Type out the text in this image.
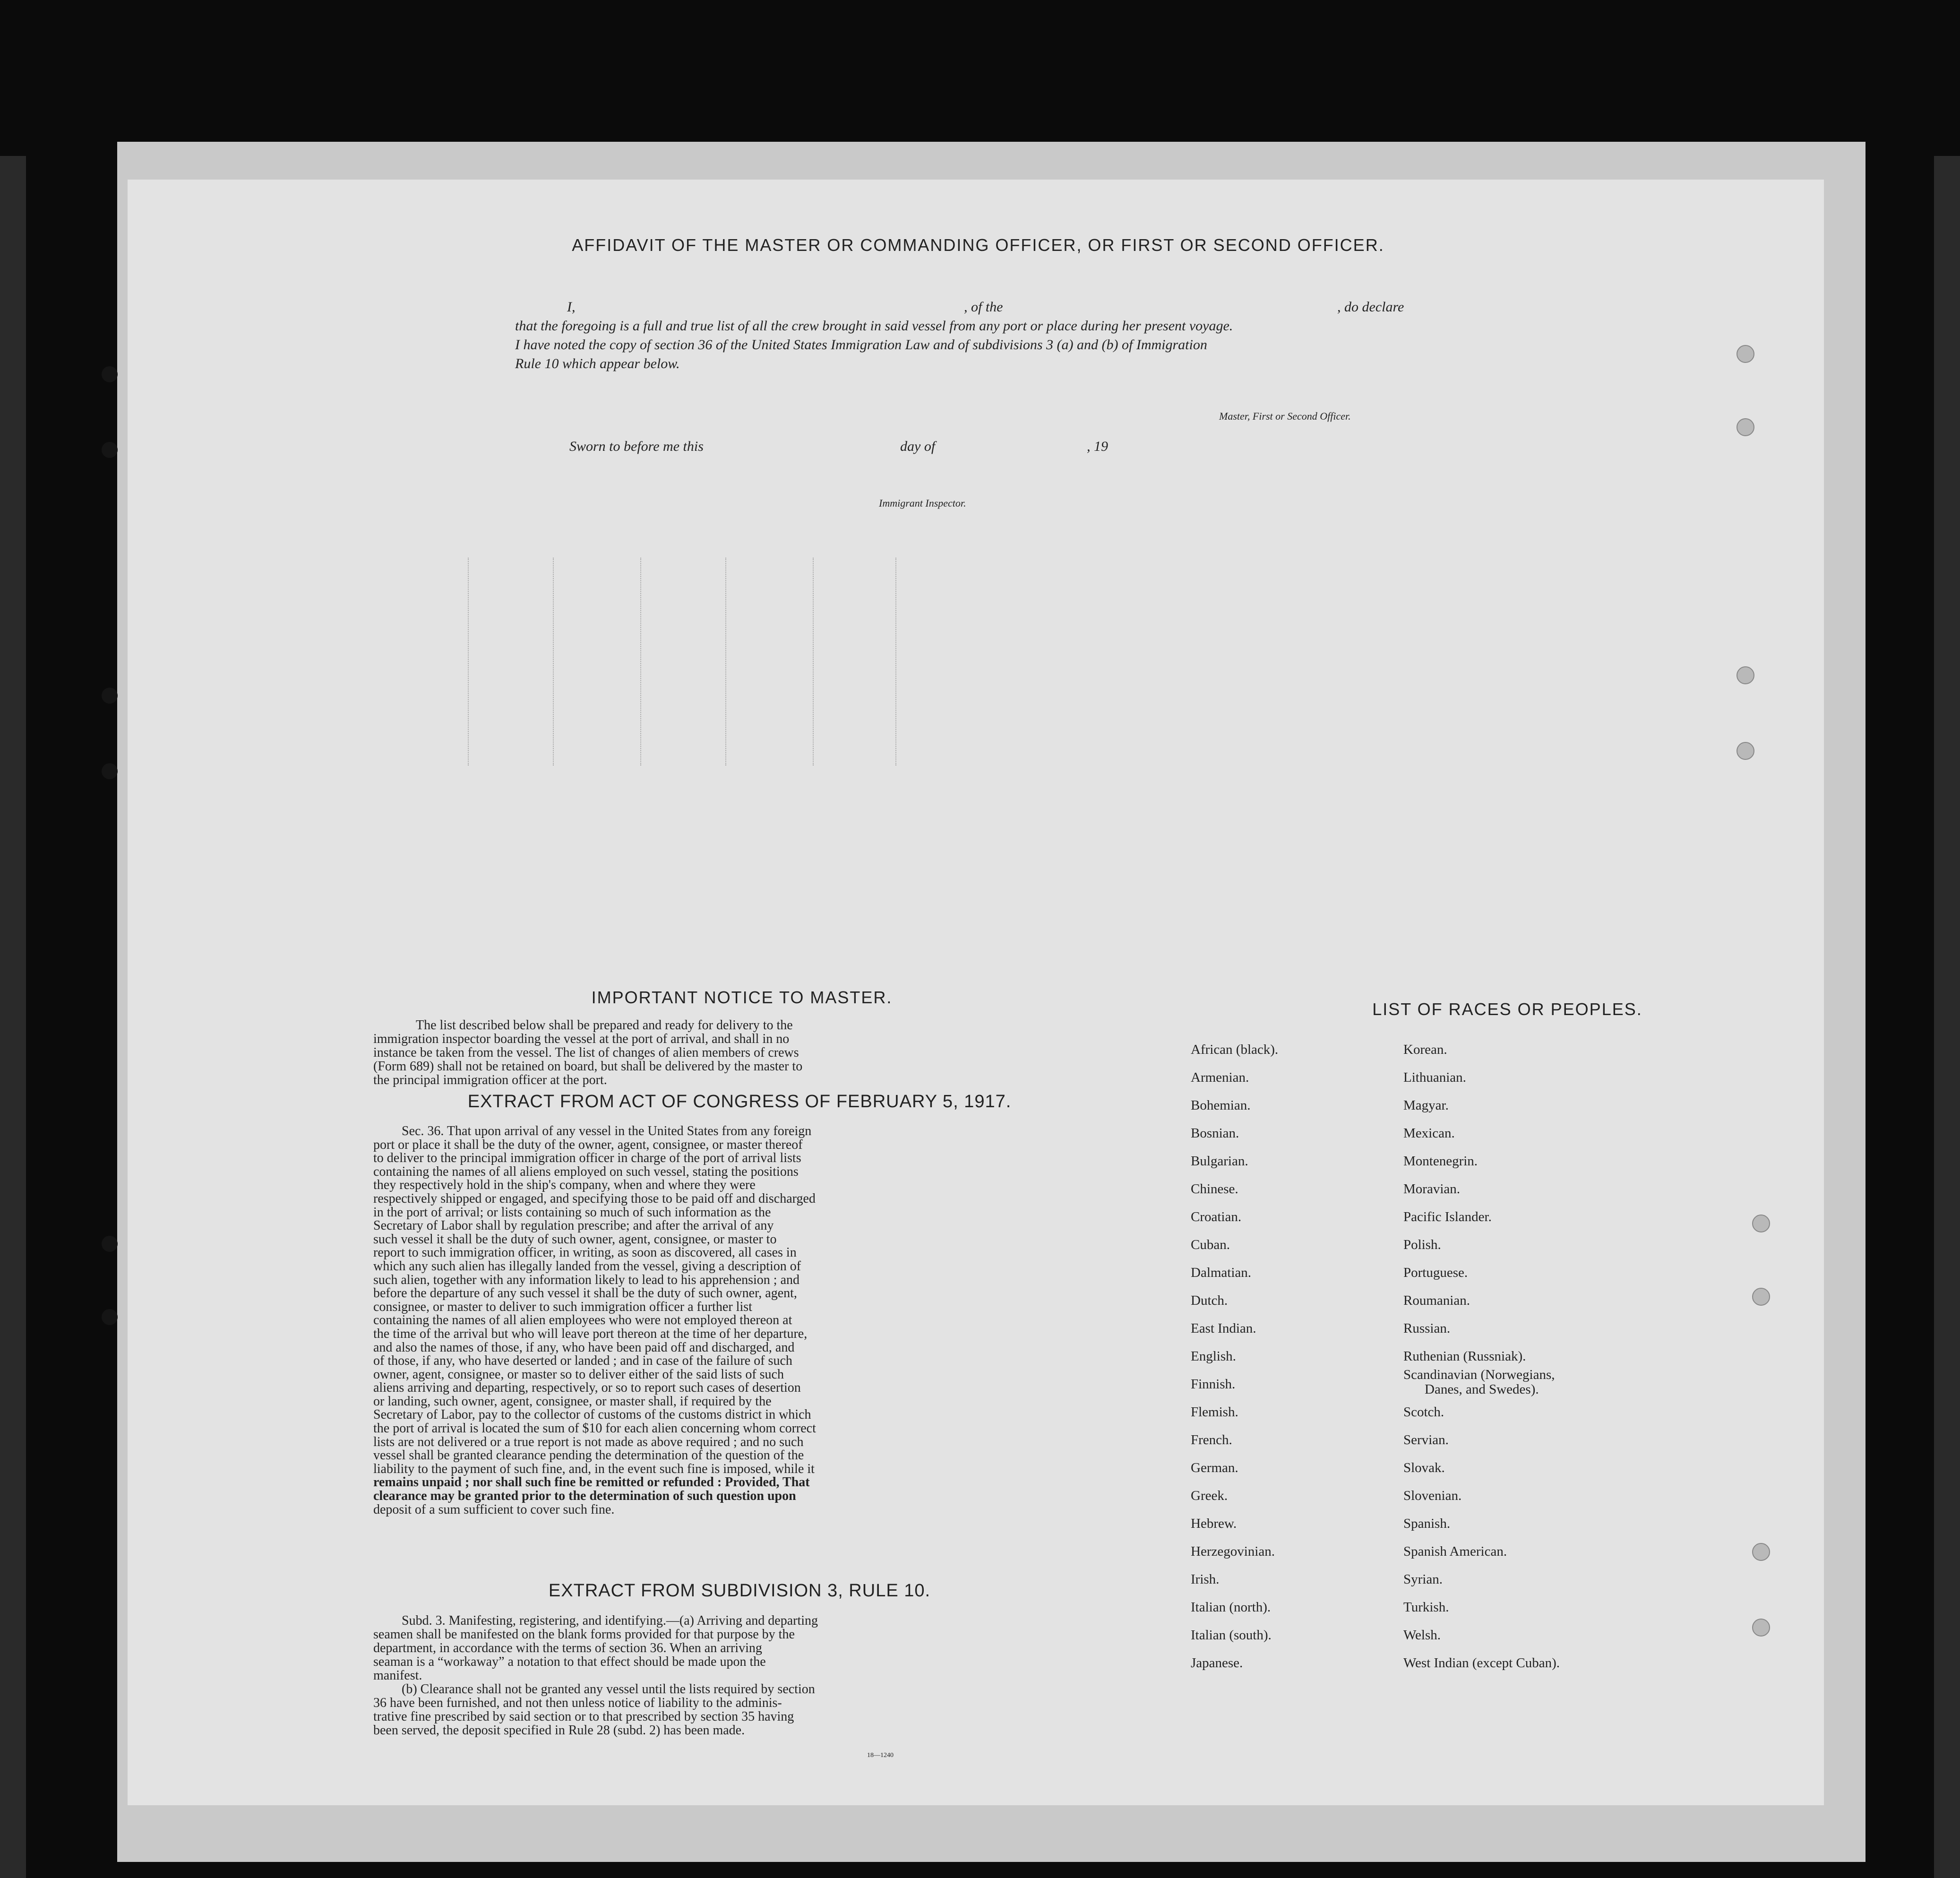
AFFIDAVIT OF THE MASTER OR COMMANDING OFFICER, OR FIRST OR SECOND OFFICER.
I,	, of the	, do declare
that the foregoing is a full and true list of all the crew brought in said vessel from any port or place during her present voyage.
I have noted the copy of section 36 of the United States Immigration Law and of subdivisions 3 (a) and (b) of Immigration
Rule 10 which appear below.
Master, First or Second Officer.
Sworn to before me this	day of	, 19
Immigrant Inspector.
IMPORTANT NOTICE TO MASTER.
The list described below shall be prepared and ready for delivery to the
immigration inspector boarding the vessel at the port of arrival, and shall in no
instance be taken from the vessel. The list of changes of alien members of crews
(Form 689) shall not be retained on board, but shall be delivered by the master to
the principal immigration officer at the port.
EXTRACT FROM ACT OF CONGRESS OF FEBRUARY 5, 1917.
Sec. 36. That upon arrival of any vessel in the United States from any foreign
port or place it shall be the duty of the owner, agent, consignee, or master thereof
to deliver to the principal immigration officer in charge of the port of arrival lists
containing the names of all aliens employed on such vessel, stating the positions
they respectively hold in the ship's company, when and where they were
respectively shipped or engaged, and specifying those to be paid off and discharged
in the port of arrival; or lists containing so much of such information as the
Secretary of Labor shall by regulation prescribe; and after the arrival of any
such vessel it shall be the duty of such owner, agent, consignee, or master to
report to such immigration officer, in writing, as soon as discovered, all cases in
which any such alien has illegally landed from the vessel, giving a description of
such alien, together with any information likely to lead to his apprehension ; and
before the departure of any such vessel it shall be the duty of such owner, agent,
consignee, or master to deliver to such immigration officer a further list
containing the names of all alien employees who were not employed thereon at
the time of the arrival but who will leave port thereon at the time of her departure,
and also the names of those, if any, who have been paid off and discharged, and
of those, if any, who have deserted or landed ; and in case of the failure of such
owner, agent, consignee, or master so to deliver either of the said lists of such
aliens arriving and departing, respectively, or so to report such cases of desertion
or landing, such owner, agent, consignee, or master shall, if required by the
Secretary of Labor, pay to the collector of customs of the customs district in which
the port of arrival is located the sum of $10 for each alien concerning whom correct
lists are not delivered or a true report is not made as above required ; and no such
vessel shall be granted clearance pending the determination of the question of the
liability to the payment of such fine, and, in the event such fine is imposed, while it
remains unpaid ; nor shall such fine be remitted or refunded : Provided, That
clearance may be granted prior to the determination of such question upon
deposit of a sum sufficient to cover such fine.
EXTRACT FROM SUBDIVISION 3, RULE 10.
Subd. 3. Manifesting, registering, and identifying.—(a) Arriving and departing
seamen shall be manifested on the blank forms provided for that purpose by the
department, in accordance with the terms of section 36. When an arriving
seaman is a “workaway” a notation to that effect should be made upon the
manifest.
(b) Clearance shall not be granted any vessel until the lists required by section
36 have been furnished, and not then unless notice of liability to the adminis-
trative fine prescribed by said section or to that prescribed by section 35 having
been served, the deposit specified in Rule 28 (subd. 2) has been made.
18—1240
LIST OF RACES OR PEOPLES.
African (black).
Armenian.
Bohemian.
Bosnian.
Bulgarian.
Chinese.
Croatian.
Cuban.
Dalmatian.
Dutch.
East Indian.
English.
Finnish.
Flemish.
French.
German.
Greek.
Hebrew.
Herzegovinian.
Irish.
Italian (north).
Italian (south).
Japanese.
Korean.
Lithuanian.
Magyar.
Mexican.
Montenegrin.
Moravian.
Pacific Islander.
Polish.
Portuguese.
Roumanian.
Russian.
Ruthenian (Russniak).
Scandinavian (Norwegians,
Danes, and Swedes).
Scotch.
Servian.
Slovak.
Slovenian.
Spanish.
Spanish American.
Syrian.
Turkish.
Welsh.
West Indian (except Cuban).
